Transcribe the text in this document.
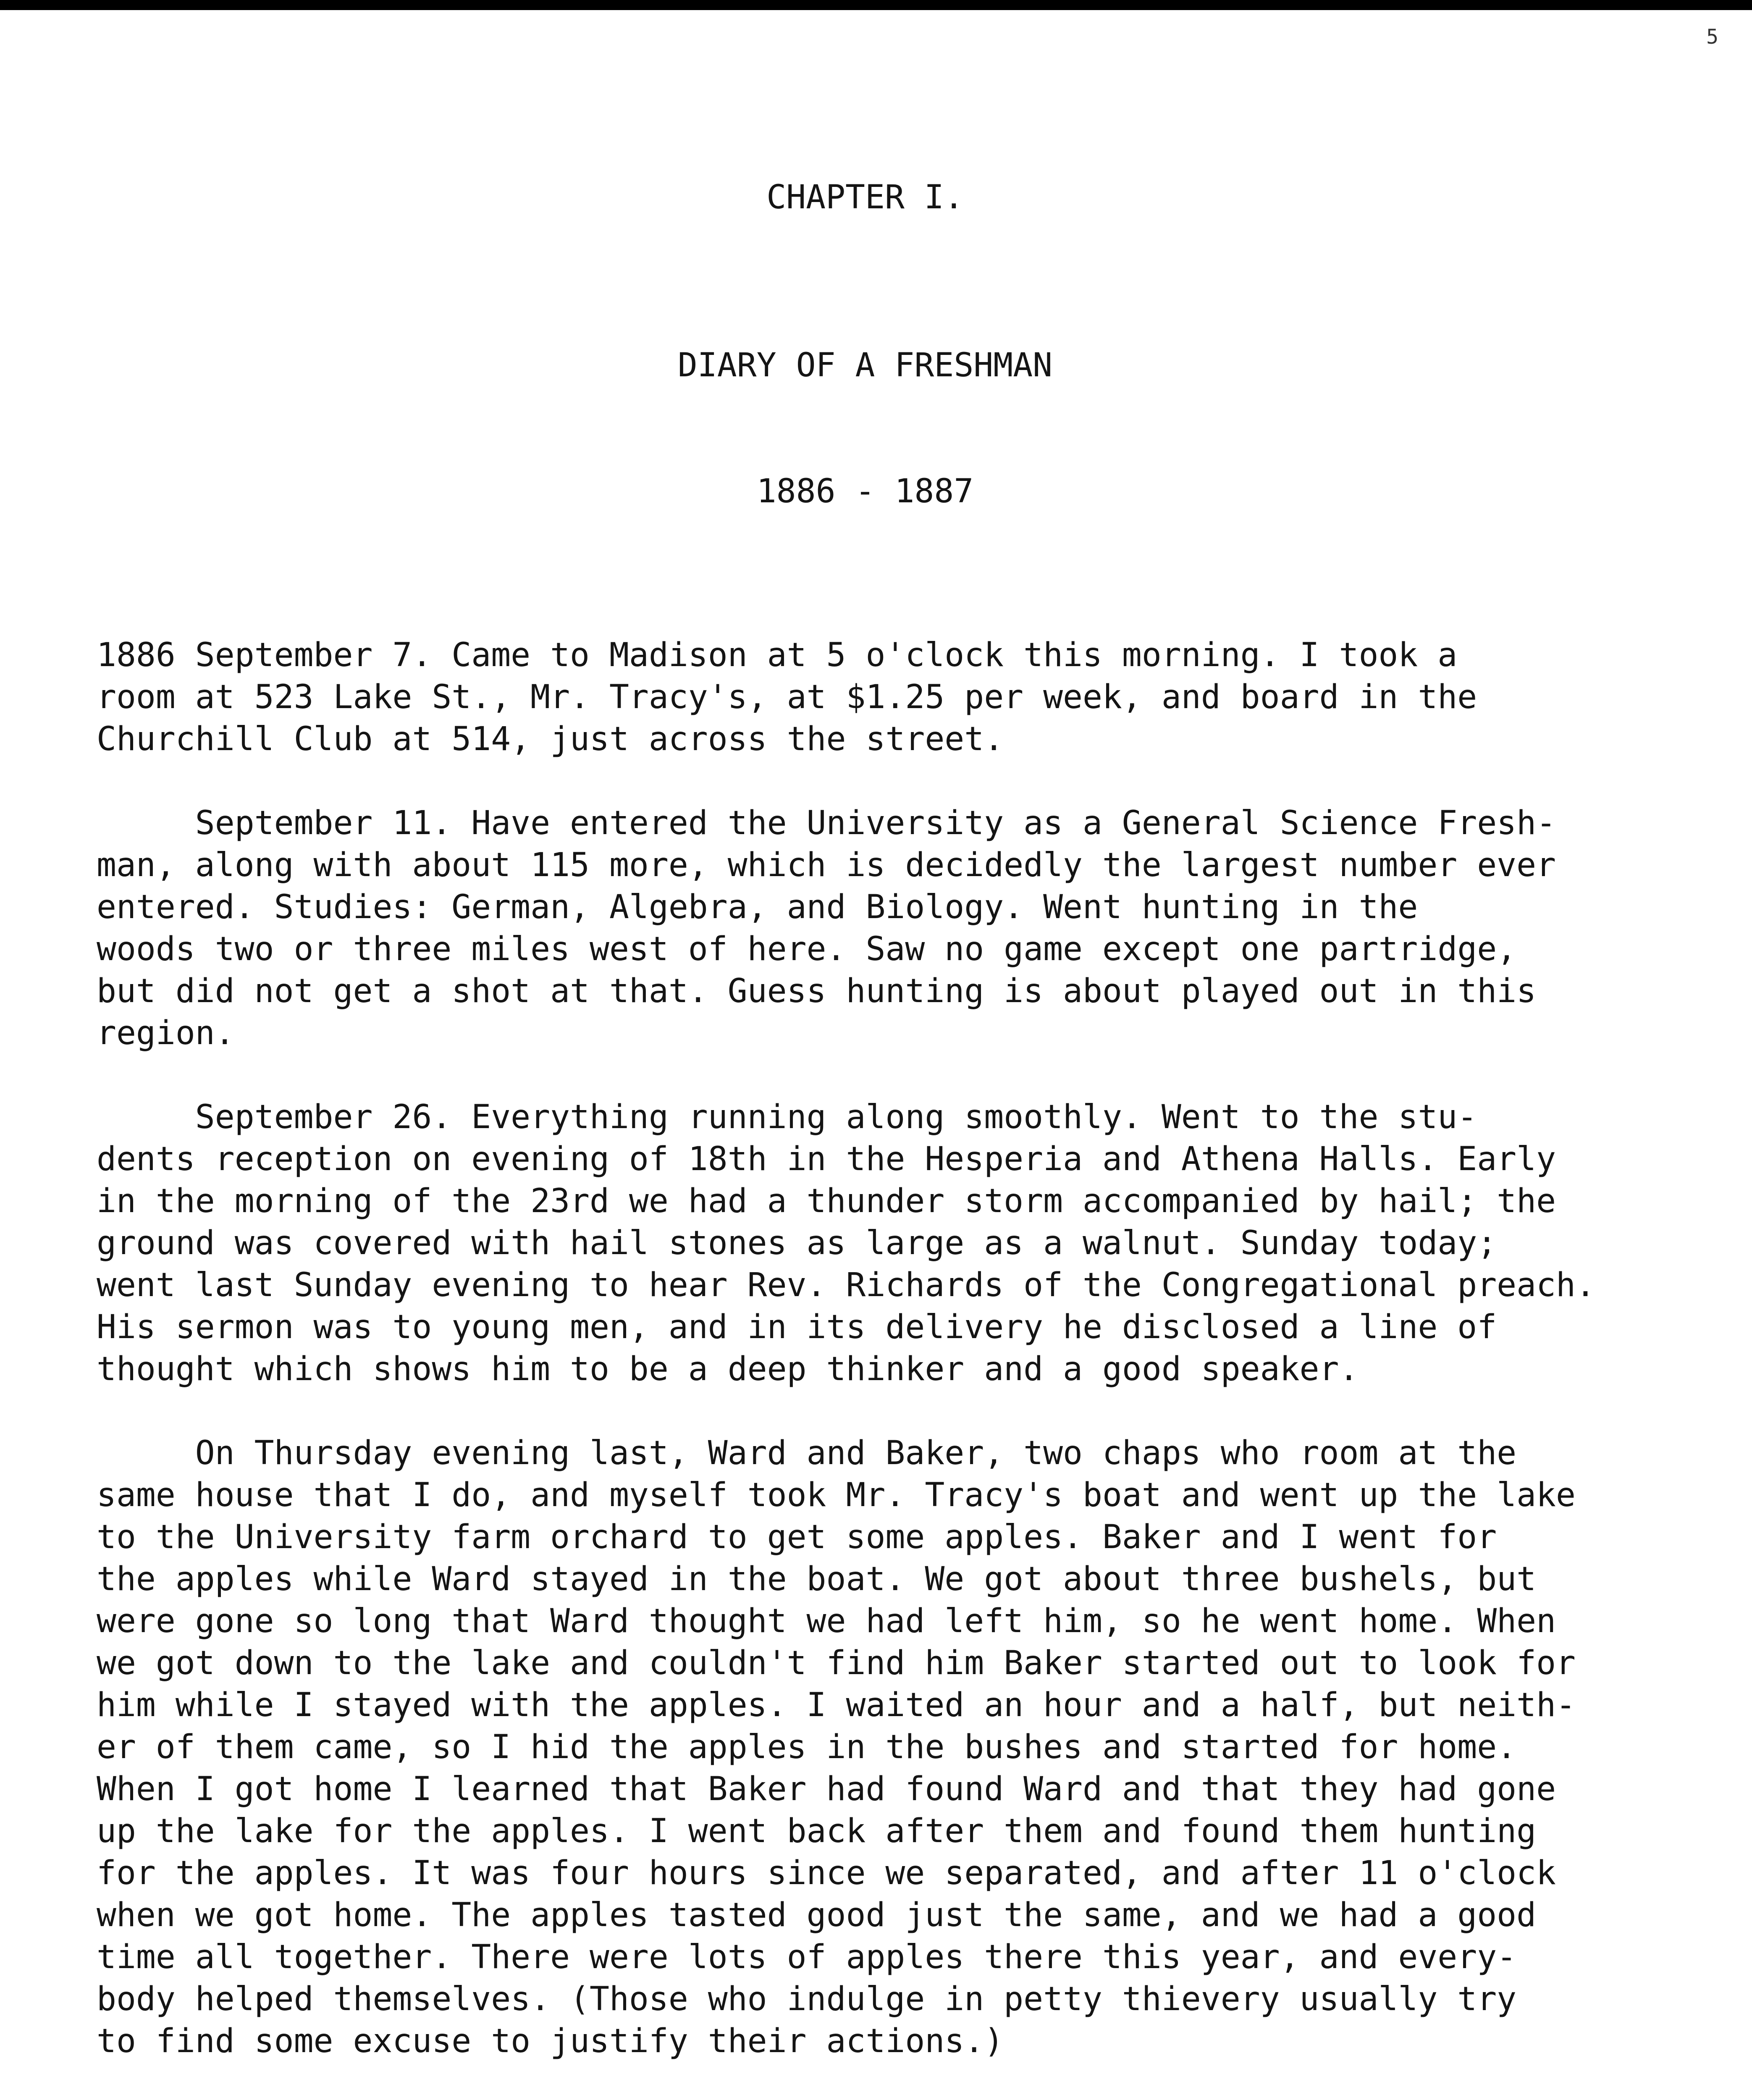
5

CHAPTER I.

DIARY OF A FRESHMAN

1886 - 1887

1886 September 7. Came to Madison at 5 o'clock this morning. I took a
room at 523 Lake St., Mr. Tracy's, at $1.25 per week, and board in the
Churchill Club at 514, just across the street.
September 11. Have entered the University as a General Science Fresh-
man, along with about 115 more, which is decidedly the largest number ever
entered. Studies: German, Algebra, and Biology. Went hunting in the
woods two or three miles west of here. Saw no game except one partridge,
but did not get a shot at that. Guess hunting is about played out in this
region.
September 26. Everything running along smoothly. Went to the stu-
dents reception on evening of 18th in the Hesperia and Athena Halls. Early
in the morning of the 23rd we had a thunder storm accompanied by hail; the
ground was covered with hail stones as large as a walnut. Sunday today;
went last Sunday evening to hear Rev. Richards of the Congregational preach.
His sermon was to young men, and in its delivery he disclosed a line of
thought which shows him to be a deep thinker and a good speaker.
On Thursday evening last, Ward and Baker, two chaps who room at the
same house that I do, and myself took Mr. Tracy's boat and went up the lake
to the University farm orchard to get some apples. Baker and I went for
the apples while Ward stayed in the boat. We got about three bushels, but
were gone so long that Ward thought we had left him, so he went home. When
we got down to the lake and couldn't find him Baker started out to look for
him while I stayed with the apples. I waited an hour and a half, but neith-
er of them came, so I hid the apples in the bushes and started for home.
When I got home I learned that Baker had found Ward and that they had gone
up the lake for the apples. I went back after them and found them hunting
for the apples. It was four hours since we separated, and after 11 o'clock
when we got home. The apples tasted good just the same, and we had a good
time all together. There were lots of apples there this year, and every-
body helped themselves. (Those who indulge in petty thievery usually try
to find some excuse to justify their actions.)
